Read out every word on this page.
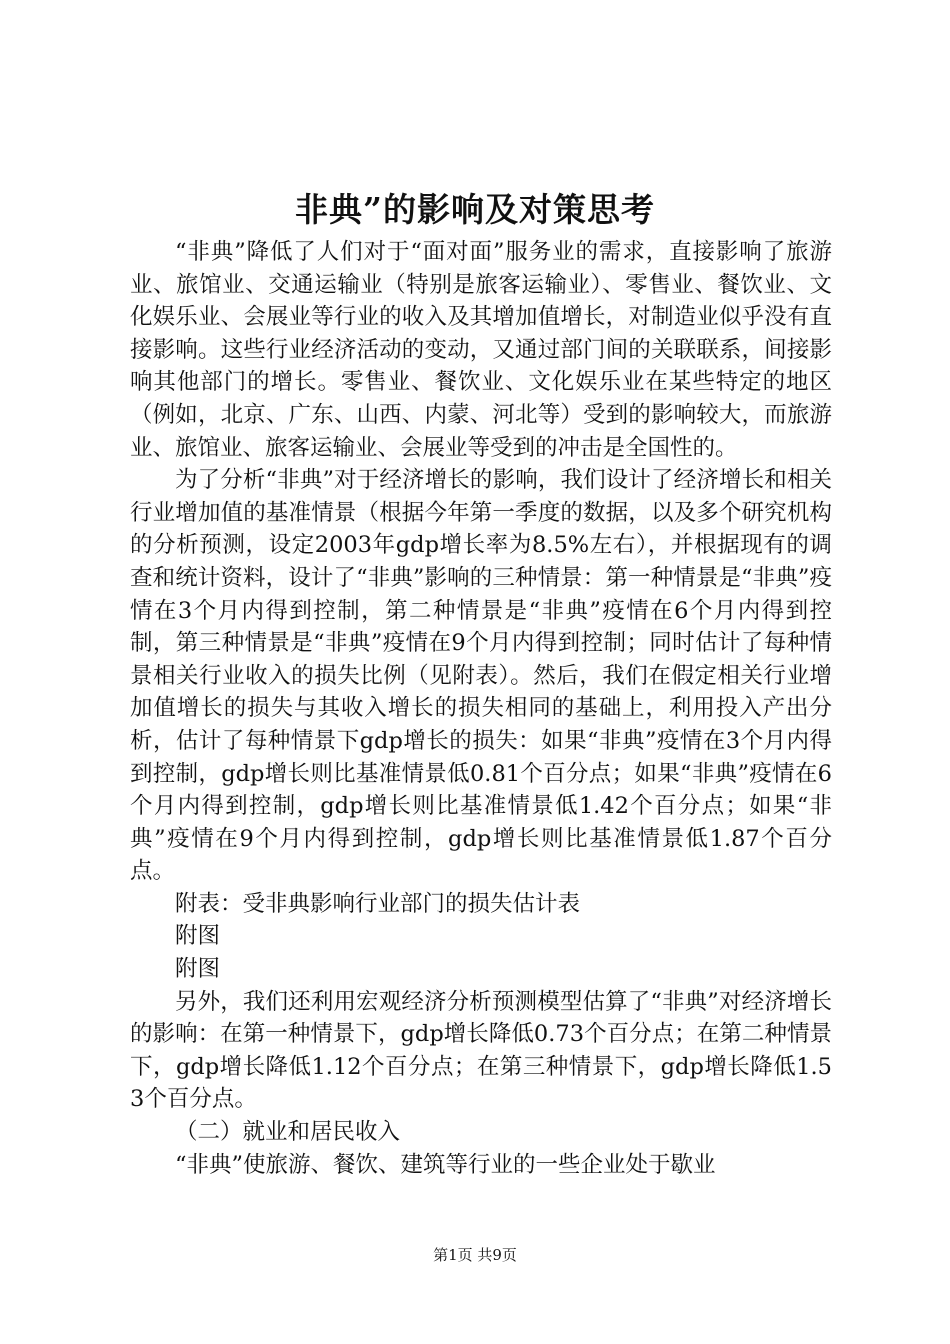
非典”的影响及对策思考

“非典”降低了人们对于“面对面”服务业的需求，直接影响了旅游业、旅馆业、交通运输业（特别是旅客运输业）、零售业、餐饮业、文化娱乐业、会展业等行业的收入及其增加值增长，对制造业似乎没有直接影响。这些行业经济活动的变动，又通过部门间的关联联系，间接影响其他部门的增长。零售业、餐饮业、文化娱乐业在某些特定的地区（例如，北京、广东、山西、内蒙、河北等）受到的影响较大，而旅游业、旅馆业、旅客运输业、会展业等受到的冲击是全国性的。

为了分析“非典”对于经济增长的影响，我们设计了经济增长和相关行业增加值的基准情景（根据今年第一季度的数据，以及多个研究机构的分析预测，设定2003年gdp增长率为8.5%左右），并根据现有的调查和统计资料，设计了“非典”影响的三种情景：第一种情景是“非典”疫情在3个月内得到控制，第二种情景是“非典”疫情在6个月内得到控制，第三种情景是“非典”疫情在9个月内得到控制；同时估计了每种情景相关行业收入的损失比例（见附表）。然后，我们在假定相关行业增加值增长的损失与其收入增长的损失相同的基础上，利用投入产出分析，估计了每种情景下gdp增长的损失：如果“非典”疫情在3个月内得到控制，gdp增长则比基准情景低0.81个百分点；如果“非典”疫情在6个月内得到控制，gdp增长则比基准情景低1.42个百分点；如果“非典”疫情在9个月内得到控制，gdp增长则比基准情景低1.87个百分点。

附表：受非典影响行业部门的损失估计表

附图

附图

另外，我们还利用宏观经济分析预测模型估算了“非典”对经济增长的影响：在第一种情景下，gdp增长降低0.73个百分点；在第二种情景下，gdp增长降低1.12个百分点；在第三种情景下，gdp增长降低1.53个百分点。

（二）就业和居民收入

“非典”使旅游、餐饮、建筑等行业的一些企业处于歇业

第1页 共9页
